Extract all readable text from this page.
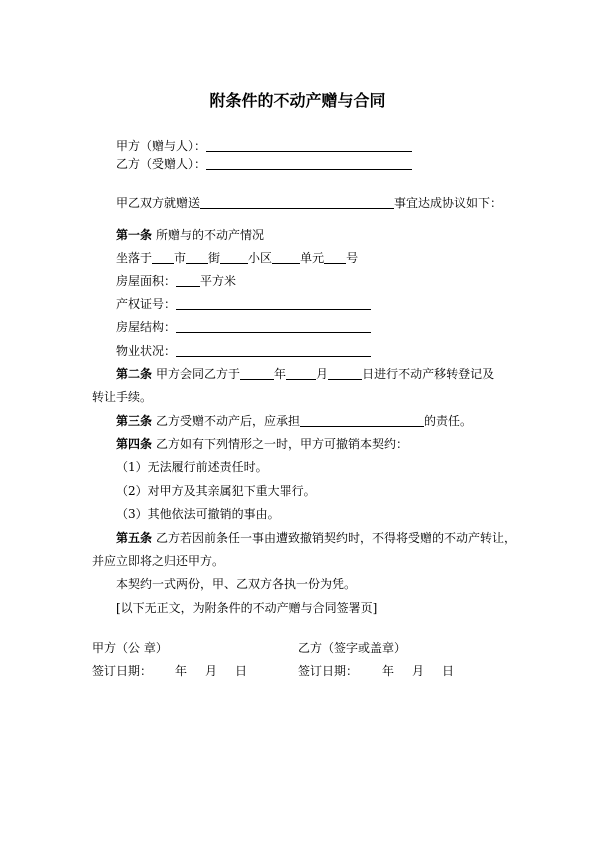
附条件的不动产赠与合同
甲方（赠与人）：
乙方（受赠人）：
甲乙双方就赠送	事宜达成协议如下：
第一条 所赠与的不动产情况
坐落于 市 街 小区 单元 号
房屋面积： 平方米
产权证号：
房屋结构：
物业状况：
第二条 甲方会同乙方于	年	月	日进行不动产移转登记及
转让手续。
第三条 乙方受赠不动产后，应承担	的责任。
第四条 乙方如有下列情形之一时，甲方可撤销本契约：
（1）无法履行前述责任时。
（2）对甲方及其亲属犯下重大罪行。
（3）其他依法可撤销的事由。
第五条 乙方若因前条任一事由遭致撤销契约时，不得将受赠的不动产转让，
并应立即将之归还甲方。
本契约一式两份，甲、乙双方各执一份为凭。
[以下无正文，为附条件的不动产赠与合同签署页]
甲方（公 章）	乙方（签字或盖章）
签订日期： 年 月 日	签订日期： 年 月 日
